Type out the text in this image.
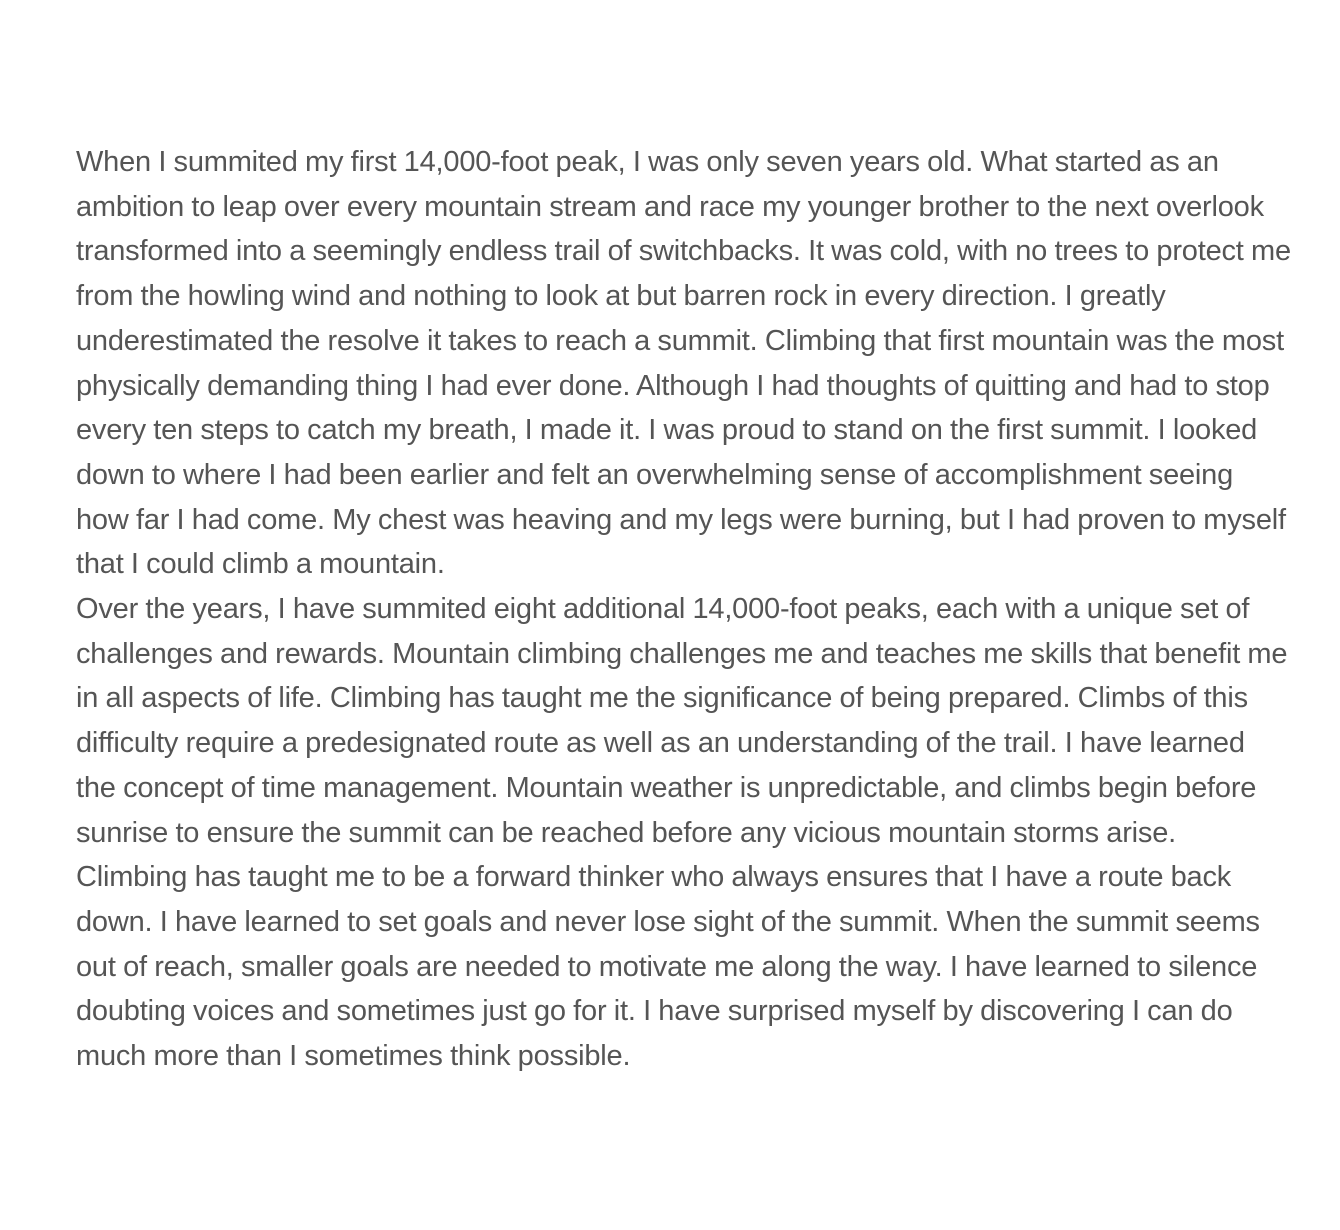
When I summited my first 14,000-foot peak, I was only seven years old. What started as an ambition to leap over every mountain stream and race my younger brother to the next overlook transformed into a seemingly endless trail of switchbacks. It was cold, with no trees to protect me from the howling wind and nothing to look at but barren rock in every direction. I greatly underestimated the resolve it takes to reach a summit. Climbing that first mountain was the most physically demanding thing I had ever done. Although I had thoughts of quitting and had to stop every ten steps to catch my breath, I made it. I was proud to stand on the first summit. I looked down to where I had been earlier and felt an overwhelming sense of accomplishment seeing how far I had come. My chest was heaving and my legs were burning, but I had proven to myself that I could climb a mountain.

Over the years, I have summited eight additional 14,000-foot peaks, each with a unique set of challenges and rewards. Mountain climbing challenges me and teaches me skills that benefit me in all aspects of life. Climbing has taught me the significance of being prepared. Climbs of this difficulty require a predesignated route as well as an understanding of the trail. I have learned the concept of time management. Mountain weather is unpredictable, and climbs begin before sunrise to ensure the summit can be reached before any vicious mountain storms arise. Climbing has taught me to be a forward thinker who always ensures that I have a route back down. I have learned to set goals and never lose sight of the summit. When the summit seems out of reach, smaller goals are needed to motivate me along the way. I have learned to silence doubting voices and sometimes just go for it. I have surprised myself by discovering I can do much more than I sometimes think possible.
